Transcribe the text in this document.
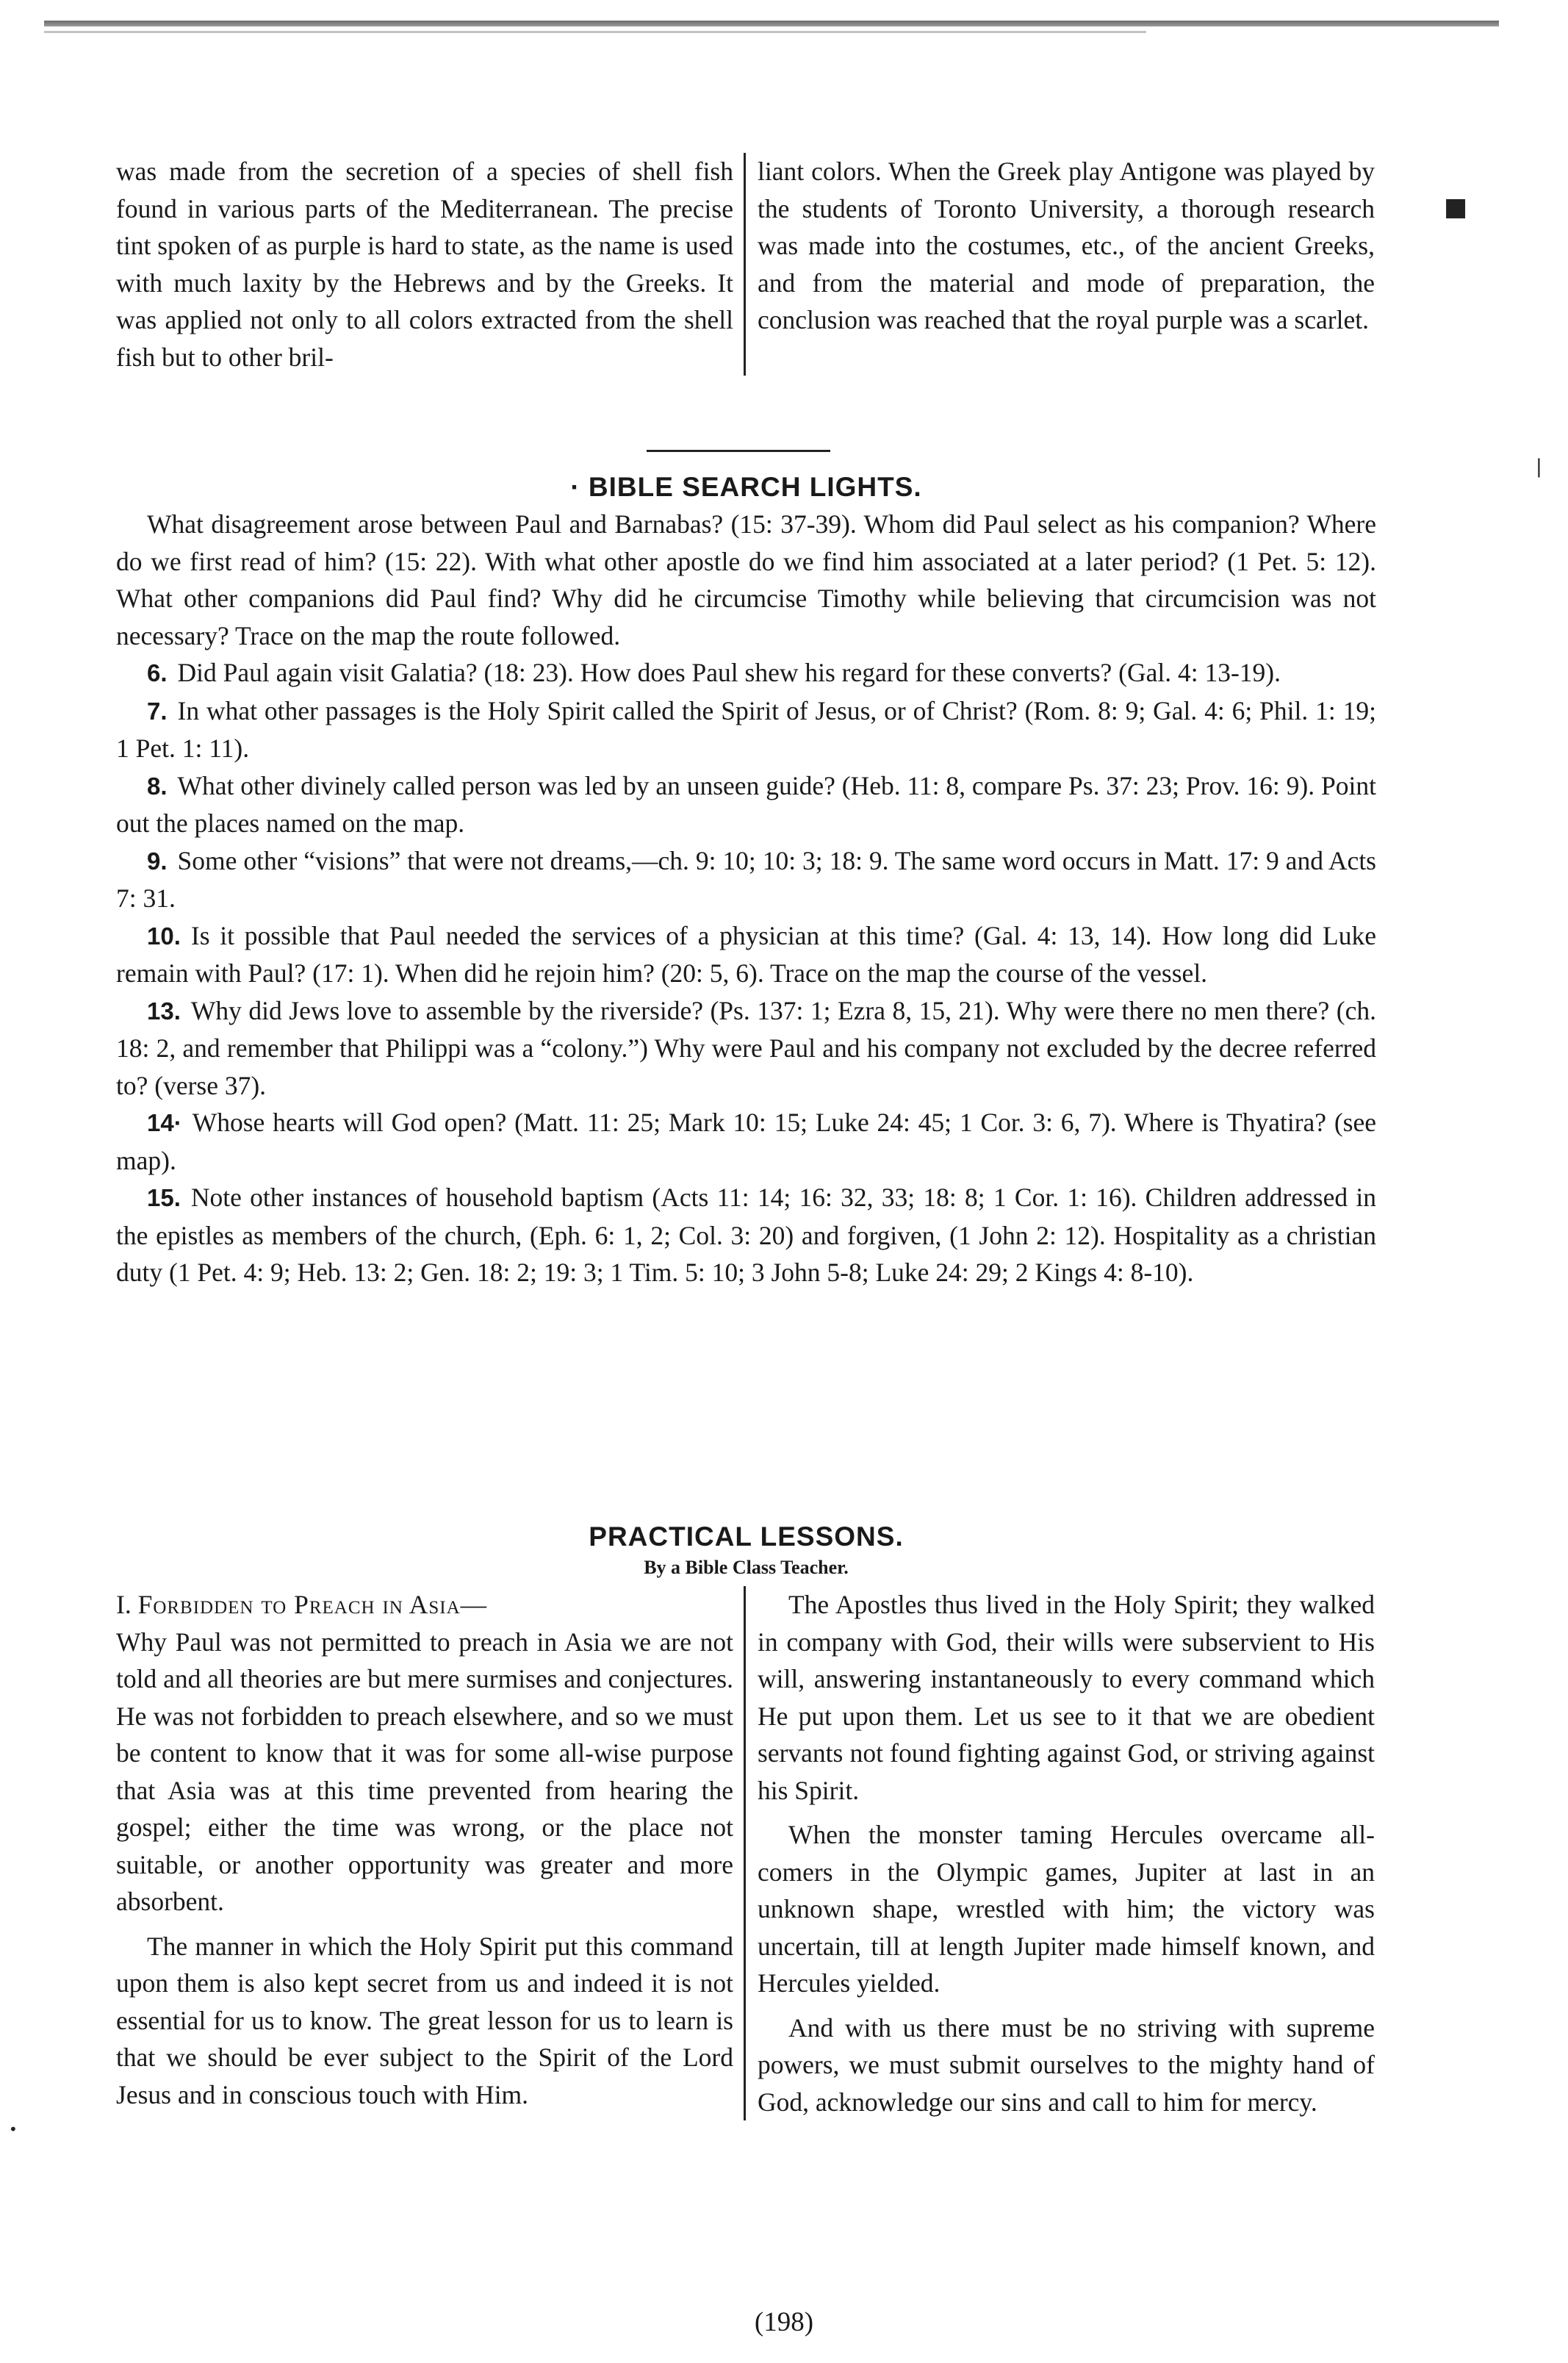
was made from the secretion of a species of shell fish found in various parts of the Mediterranean. The precise tint spoken of as purple is hard to state, as the name is used with much laxity by the Hebrews and by the Greeks. It was applied not only to all colors extracted from the shell fish but to other bril-

liant colors. When the Greek play Antigone was played by the students of Toronto University, a thorough research was made into the costumes, etc., of the ancient Greeks, and from the material and mode of preparation, the conclusion was reached that the royal purple was a scarlet.

· BIBLE SEARCH LIGHTS.

What disagreement arose between Paul and Barnabas? (15: 37-39). Whom did Paul select as his companion? Where do we first read of him? (15: 22). With what other apostle do we find him associated at a later period? (1 Pet. 5: 12). What other companions did Paul find? Why did he circumcise Timothy while believing that circumcision was not necessary? Trace on the map the route followed.

6. Did Paul again visit Galatia? (18: 23). How does Paul shew his regard for these converts? (Gal. 4: 13-19).

7. In what other passages is the Holy Spirit called the Spirit of Jesus, or of Christ? (Rom. 8: 9; Gal. 4: 6; Phil. 1: 19; 1 Pet. 1: 11).

8. What other divinely called person was led by an unseen guide? (Heb. 11: 8, compare Ps. 37: 23; Prov. 16: 9). Point out the places named on the map.

9. Some other “visions” that were not dreams,—ch. 9: 10; 10: 3; 18: 9. The same word occurs in Matt. 17: 9 and Acts 7: 31.

10. Is it possible that Paul needed the services of a physician at this time? (Gal. 4: 13, 14). How long did Luke remain with Paul? (17: 1). When did he rejoin him? (20: 5, 6). Trace on the map the course of the vessel.

13. Why did Jews love to assemble by the riverside? (Ps. 137: 1; Ezra 8, 15, 21). Why were there no men there? (ch. 18: 2, and remember that Philippi was a “colony.”) Why were Paul and his company not excluded by the decree referred to? (verse 37).

14· Whose hearts will God open? (Matt. 11: 25; Mark 10: 15; Luke 24: 45; 1 Cor. 3: 6, 7). Where is Thyatira? (see map).

15. Note other instances of household baptism (Acts 11: 14; 16: 32, 33; 18: 8; 1 Cor. 1: 16). Children addressed in the epistles as members of the church, (Eph. 6: 1, 2; Col. 3: 20) and forgiven, (1 John 2: 12). Hospitality as a christian duty (1 Pet. 4: 9; Heb. 13: 2; Gen. 18: 2; 19: 3; 1 Tim. 5: 10; 3 John 5-8; Luke 24: 29; 2 Kings 4: 8-10).

PRACTICAL LESSONS.

By a Bible Class Teacher.

I. Forbidden to Preach in Asia—

Why Paul was not permitted to preach in Asia we are not told and all theories are but mere surmises and conjectures. He was not forbidden to preach elsewhere, and so we must be content to know that it was for some all-wise purpose that Asia was at this time prevented from hearing the gospel; either the time was wrong, or the place not suitable, or another opportunity was greater and more absorbent.

The manner in which the Holy Spirit put this command upon them is also kept secret from us and indeed it is not essential for us to know. The great lesson for us to learn is that we should be ever subject to the Spirit of the Lord Jesus and in conscious touch with Him.

The Apostles thus lived in the Holy Spirit; they walked in company with God, their wills were subservient to His will, answering instantaneously to every command which He put upon them. Let us see to it that we are obedient servants not found fighting against God, or striving against his Spirit.

When the monster taming Hercules overcame all-comers in the Olympic games, Jupiter at last in an unknown shape, wrestled with him; the victory was uncertain, till at length Jupiter made himself known, and Hercules yielded.

And with us there must be no striving with supreme powers, we must submit ourselves to the mighty hand of God, acknowledge our sins and call to him for mercy.

(198)
■
|
•
